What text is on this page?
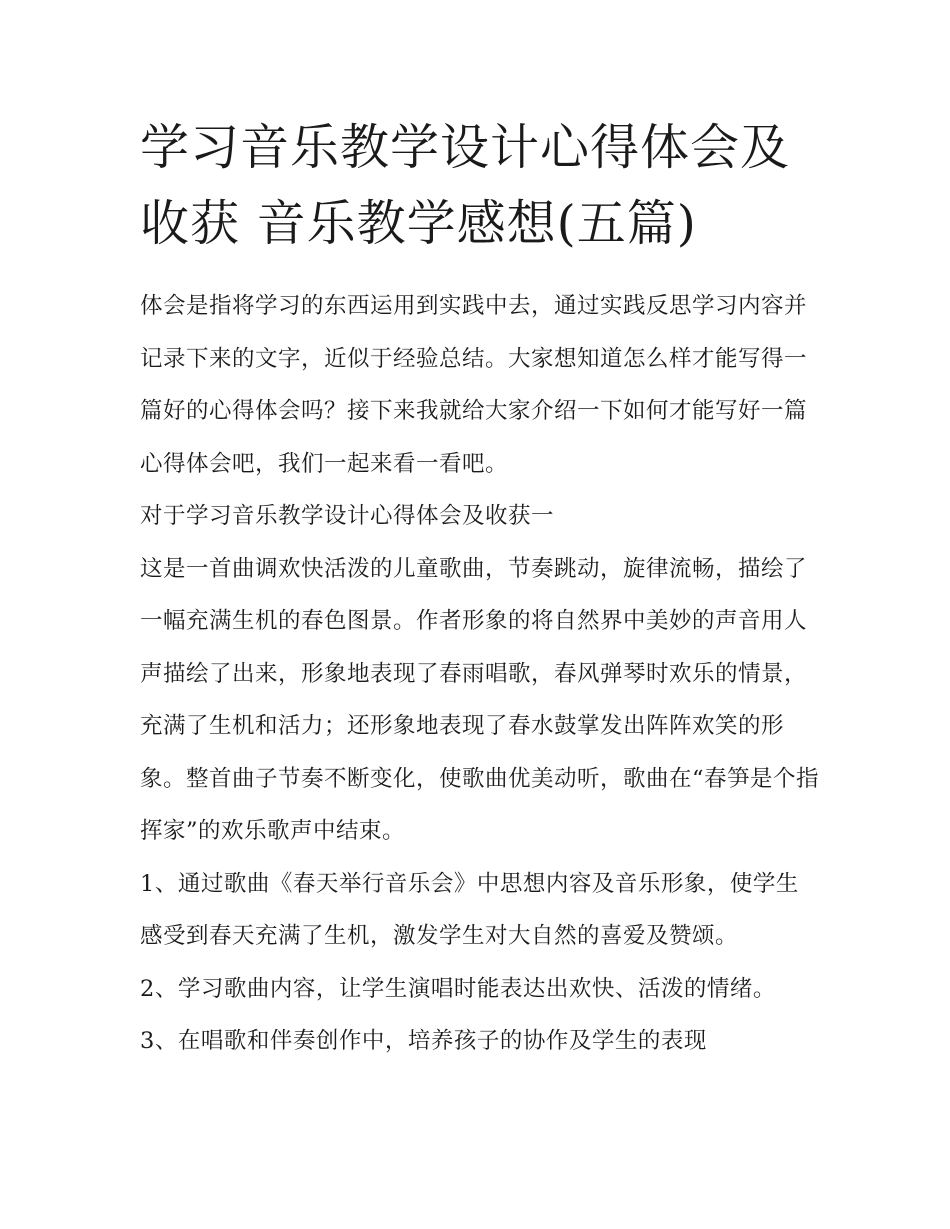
学习音乐教学设计心得体会及收获 音乐教学感想(五篇)

体会是指将学习的东西运用到实践中去，通过实践反思学习内容并记录下来的文字，近似于经验总结。大家想知道怎么样才能写得一篇好的心得体会吗？接下来我就给大家介绍一下如何才能写好一篇心得体会吧，我们一起来看一看吧。

对于学习音乐教学设计心得体会及收获一

这是一首曲调欢快活泼的儿童歌曲，节奏跳动，旋律流畅，描绘了一幅充满生机的春色图景。作者形象的将自然界中美妙的声音用人声描绘了出来，形象地表现了春雨唱歌，春风弹琴时欢乐的情景，充满了生机和活力；还形象地表现了春水鼓掌发出阵阵欢笑的形象。整首曲子节奏不断变化，使歌曲优美动听，歌曲在“春笋是个指挥家”的欢乐歌声中结束。

1、通过歌曲《春天举行音乐会》中思想内容及音乐形象，使学生感受到春天充满了生机，激发学生对大自然的喜爱及赞颂。

2、学习歌曲内容，让学生演唱时能表达出欢快、活泼的情绪。 3、在唱歌和伴奏创作中，培养孩子的协作及学生的表现
